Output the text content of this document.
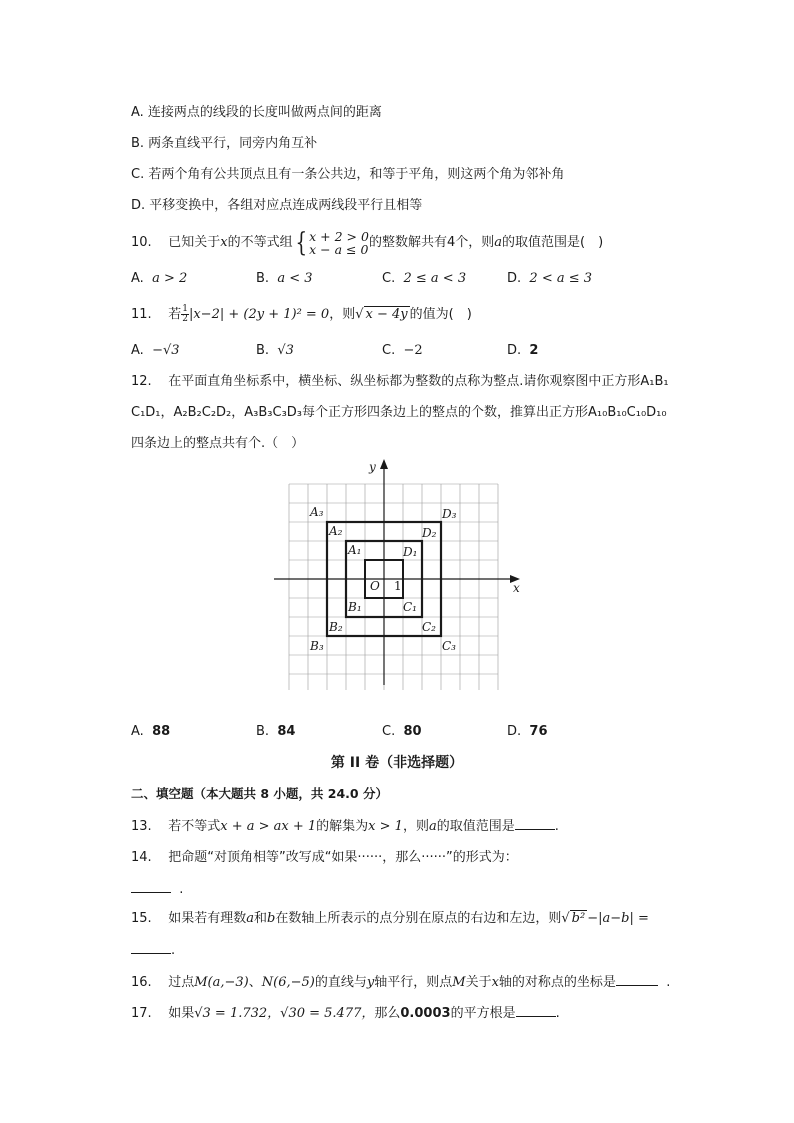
A. 连接两点的线段的长度叫做两点间的距离
B. 两条直线平行，同旁内角互补
C. 若两个角有公共顶点且有一条公共边，和等于平角，则这两个角为邻补角
D. 平移变换中，各组对应点连成两线段平行且相等
10. 已知关于x的不等式组{ x + 2 > 0
x − a ≤ 0 的整数解共有4个，则a的取值范围是(　)
A.  a > 2	B.  a < 3	C.  2 ≤ a < 3	D.  2 < a ≤ 3
11. 若 $\frac{1}{2} |x-2| + (2y + 1)^2 = 0$，则√ x − 4y 的值为(　)
A.  −√3	B.  √3	C.  −2	D.  2
12. 在平面直角坐标系中，横坐标、纵坐标都为整数的点称为整点.请你观察图中正方形A₁B₁
C₁D₁，A₂B₂C₂D₂，A₃B₃C₃D₃每个正方形四条边上的整点的个数，推算出正方形A₁₀B₁₀C₁₀D₁₀
四条边上的整点共有个.（　）
x
y
O 1
A₁	D₁
B₁	C₁
A₂	D₂
B₂	C₂
A₃	D₃
B₃	C₃
A.  88	B.  84	C.  80	D.  76
第 II 卷（非选择题）
二、填空题（本大题共 8 小题，共 24.0 分）
13. 若不等式x + a > ax + 1的解集为x > 1，则a的取值范围是	.
14. 把命题“对顶角相等”改写成“如果······，那么······”的形式为：
.
15. 如果若有理数a和b在数轴上所表示的点分别在原点的右边和左边，则√ b² −|a−b| =
.
16. 过点M(a,−3)、N(6,−5)的直线与y轴平行，则点M关于x轴的对称点的坐标是	.
17. 如果√3 = 1.732，√30 = 5.477，那么0.0003的平方根是	.
